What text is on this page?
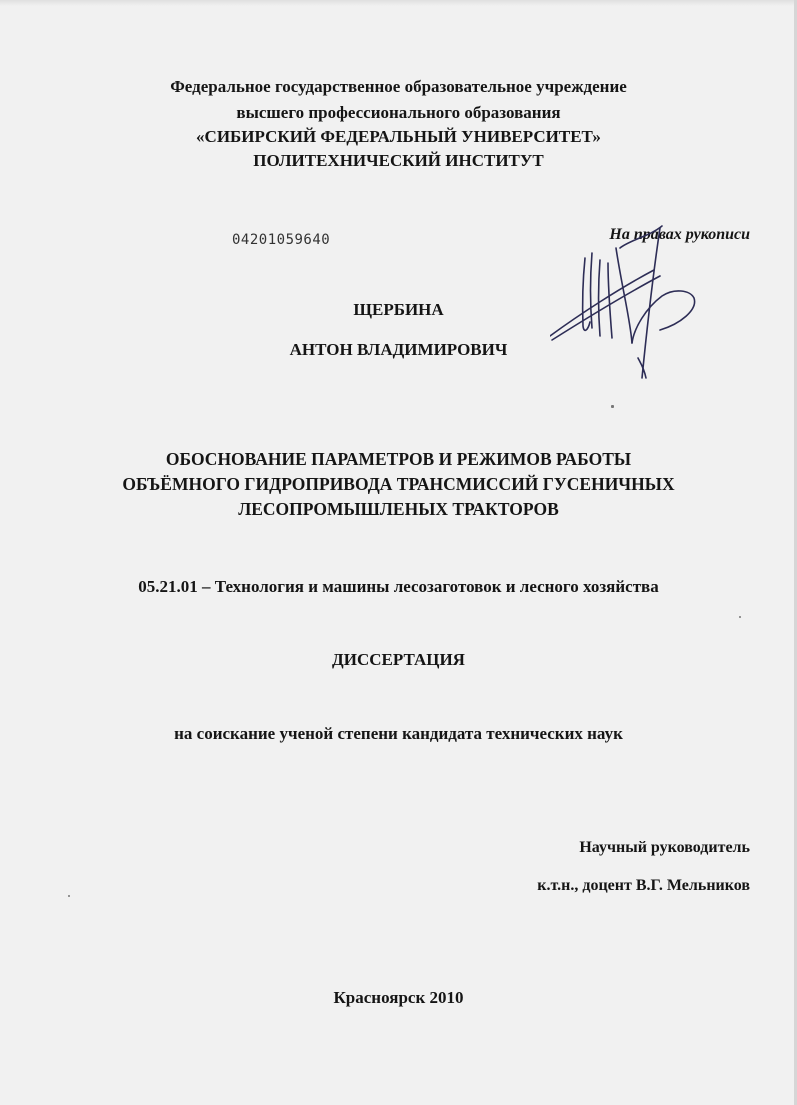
Федеральное государственное образовательное учреждение
высшего профессионального образования
«СИБИРСКИЙ ФЕДЕРАЛЬНЫЙ УНИВЕРСИТЕТ»
ПОЛИТЕХНИЧЕСКИЙ ИНСТИТУТ
04201059640	На правах рукописи
ЩЕРБИНА
АНТОН ВЛАДИМИРОВИЧ
ОБОСНОВАНИЕ ПАРАМЕТРОВ И РЕЖИМОВ РАБОТЫ
ОБЪЁМНОГО ГИДРОПРИВОДА ТРАНСМИССИЙ ГУСЕНИЧНЫХ
ЛЕСОПРОМЫШЛЕНЫХ ТРАКТОРОВ
05.21.01 – Технология и машины лесозаготовок и лесного хозяйства
ДИССЕРТАЦИЯ
на соискание ученой степени кандидата технических наук
Научный руководитель
к.т.н., доцент В.Г. Мельников
Красноярск 2010
